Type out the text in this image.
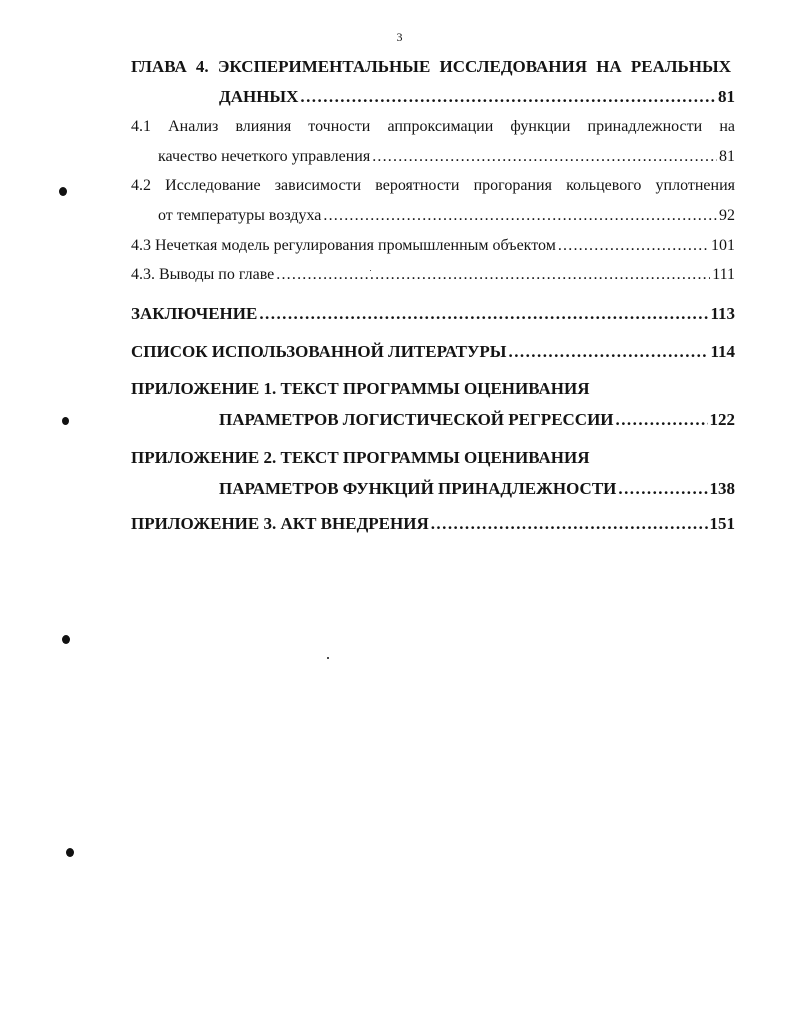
3
ГЛАВА 4. ЭКСПЕРИМЕНТАЛЬНЫЕ ИССЛЕДОВАНИЯ НА РЕАЛЬНЫХ
ДАННЫХ . . .	81
4.1 Анализ влияния точности аппроксимации функции принадлежности на
качество нечеткого управления . . .	81
4.2 Исследование зависимости вероятности прогорания кольцевого уплотнения
от температуры воздуха . . .	92
4.3 Нечеткая модель регулирования промышленным объектом . . .	101
4.3. Выводы по главе . . .	111
ЗАКЛЮЧЕНИЕ . . .	113
СПИСОК ИСПОЛЬЗОВАННОЙ ЛИТЕРАТУРЫ . . .	114
ПРИЛОЖЕНИЕ 1. ТЕКСТ ПРОГРАММЫ ОЦЕНИВАНИЯ
ПАРАМЕТРОВ ЛОГИСТИЧЕСКОЙ РЕГРЕССИИ . . .	122
ПРИЛОЖЕНИЕ 2. ТЕКСТ ПРОГРАММЫ ОЦЕНИВАНИЯ
ПАРАМЕТРОВ ФУНКЦИЙ ПРИНАДЛЕЖНОСТИ . . .	138
ПРИЛОЖЕНИЕ 3. АКТ ВНЕДРЕНИЯ . . .	151
